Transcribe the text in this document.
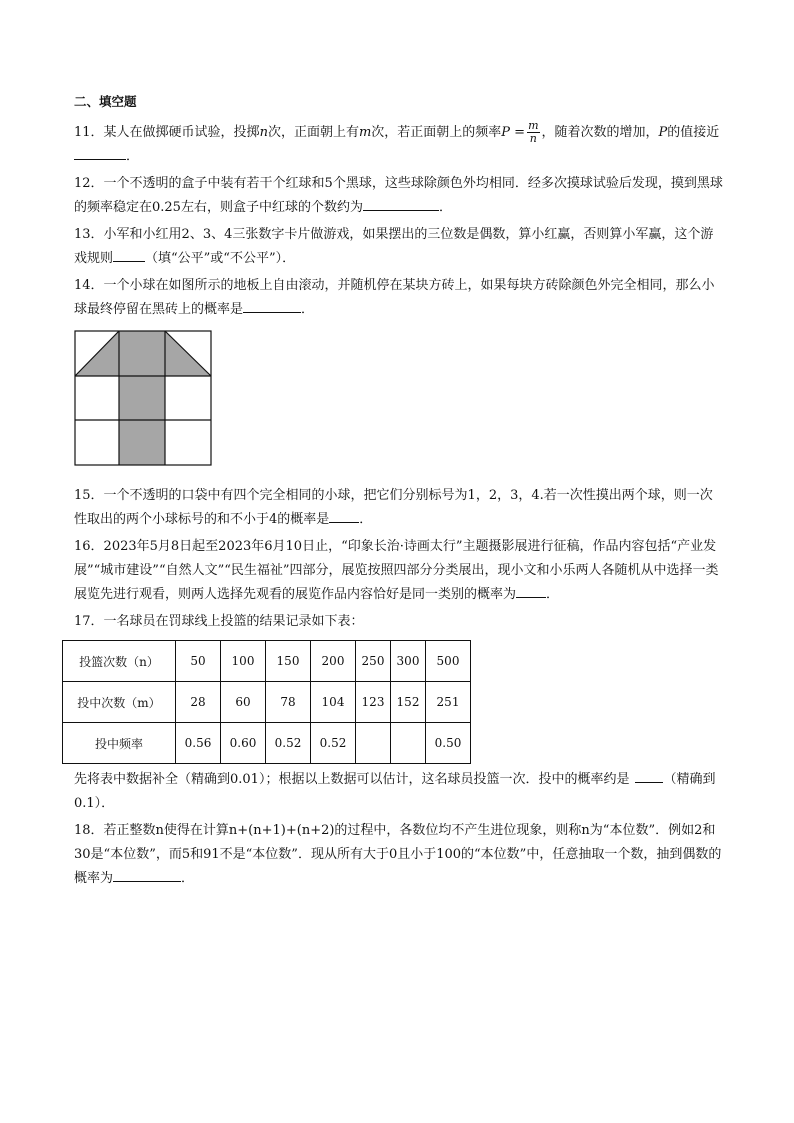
二、填空题
11．某人在做掷硬币试验，投掷n次，正面朝上有m次，若正面朝上的频率$P = \frac{m}{n}$ ，随着次数的增加，P的值接近．
12．一个不透明的盒子中装有若干个红球和5个黑球，这些球除颜色外均相同．经多次摸球试验后发现，摸到黑球的频率稳定在0.25左右，则盒子中红球的个数约为	．
13．小军和小红用2、3、4三张数字卡片做游戏，如果摆出的三位数是偶数，算小红赢，否则算小军赢，这个游戏规则 （填“公平”或“不公平”）．
14．一个小球在如图所示的地板上自由滚动，并随机停在某块方砖上，如果每块方砖除颜色外完全相同，那么小球最终停留在黑砖上的概率是	．
15．一个不透明的口袋中有四个完全相同的小球，把它们分别标号为1，2，3，4.若一次性摸出两个球，则一次性取出的两个小球标号的和不小于4的概率是 ．
16．2023年5月8日起至2023年6月10日止，“印象长治·诗画太行”主题摄影展进行征稿，作品内容包括“产业发展”“城市建设”“自然人文”“民生福祉”四部分，展览按照四部分分类展出，现小文和小乐两人各随机从中选择一类展览先进行观看，则两人选择先观看的展览作品内容恰好是同一类别的概率为 ．
17．一名球员在罚球线上投篮的结果记录如下表：
投篮次数（n）	50	100	150	200	250	300	500
投中次数（m）	28	60	78	104	123	152	251
投中频率	0.56	0.60	0.52	0.52			0.50
先将表中数据补全（精确到0.01）；根据以上数据可以估计，这名球员投篮一次．投中的概率约是	（精确到0.1）．
18．若正整数n使得在计算n+(n+1)+(n+2)的过程中，各数位均不产生进位现象，则称n为“本位数”．例如2和30是“本位数”，而5和91不是“本位数”．现从所有大于0且小于100的“本位数”中，任意抽取一个数，抽到偶数的概率为	．
